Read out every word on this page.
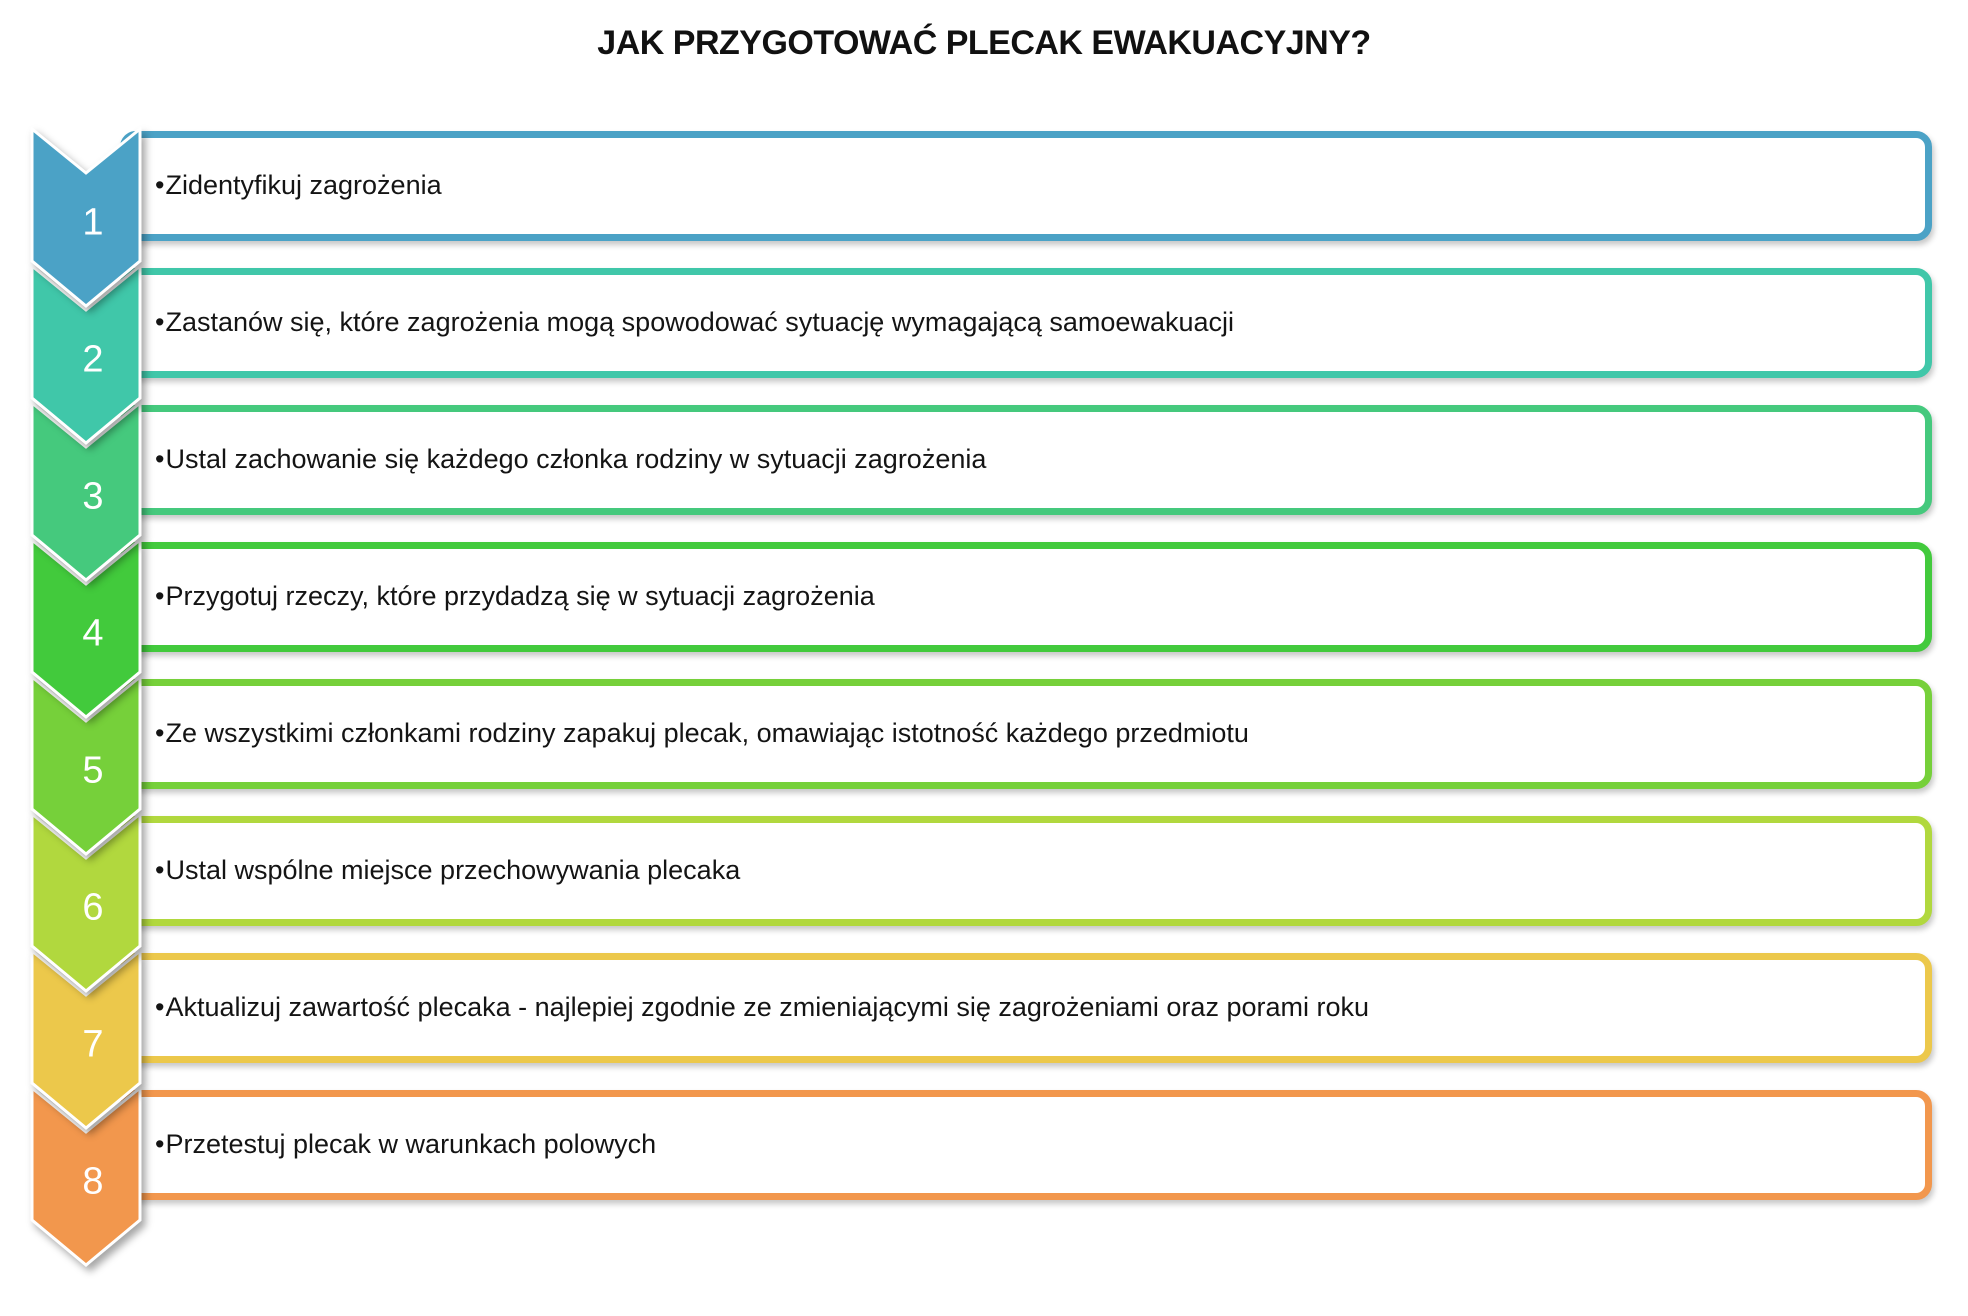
JAK PRZYGOTOWAĆ PLECAK EWAKUACYJNY?
•Zidentyfikuj zagrożenia
1
•Zastanów się, które zagrożenia mogą spowodować sytuację wymagającą samoewakuacji
2
•Ustal zachowanie się każdego członka rodziny w sytuacji zagrożenia
3
•Przygotuj rzeczy, które przydadzą się w sytuacji zagrożenia
4
•Ze wszystkimi członkami rodziny zapakuj plecak, omawiając istotność każdego przedmiotu
5
•Ustal wspólne miejsce przechowywania plecaka
6
•Aktualizuj zawartość plecaka - najlepiej zgodnie ze zmieniającymi się zagrożeniami oraz porami roku
7
•Przetestuj plecak w warunkach polowych
8
